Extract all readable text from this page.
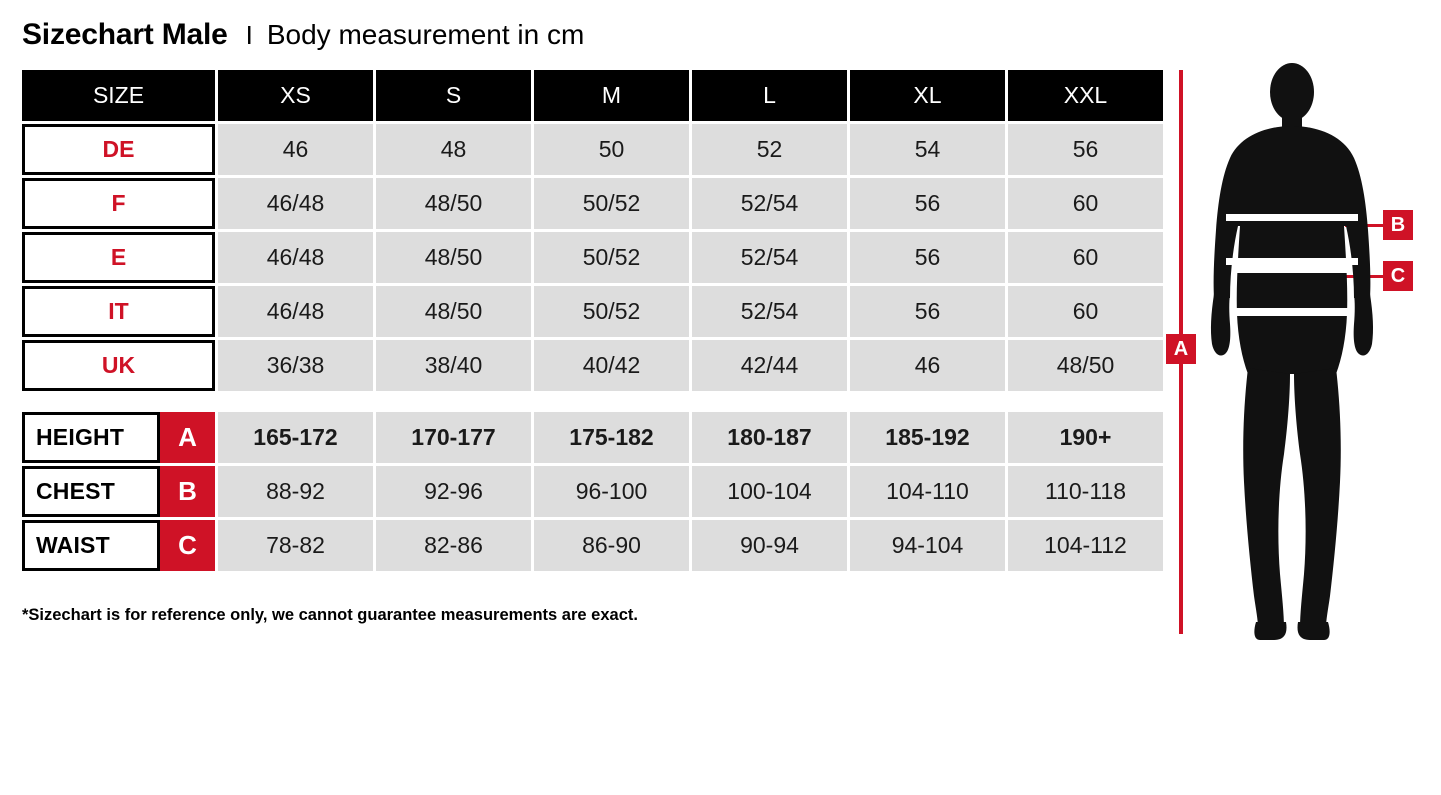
Sizechart Male I Body measurement in cm
SIZE	XS	S	M	L	XL	XXL
DE	46	48	50	52	54	56
F	46/48	48/50	50/52	52/54	56	60
E	46/48	48/50	50/52	52/54	56	60
IT	46/48	48/50	50/52	52/54	56	60
UK	36/38	38/40	40/42	42/44	46	48/50

HEIGHT A	165-172	170-177	175-182	180-187	185-192	190+

CHEST B	88-92	92-96	96-100	100-104	104-110	110-118

WAIST C	78-82	82-86	86-90	90-94	94-104	104-112
*Sizechart is for reference only, we cannot guarantee measurements are exact.
A
B
C
